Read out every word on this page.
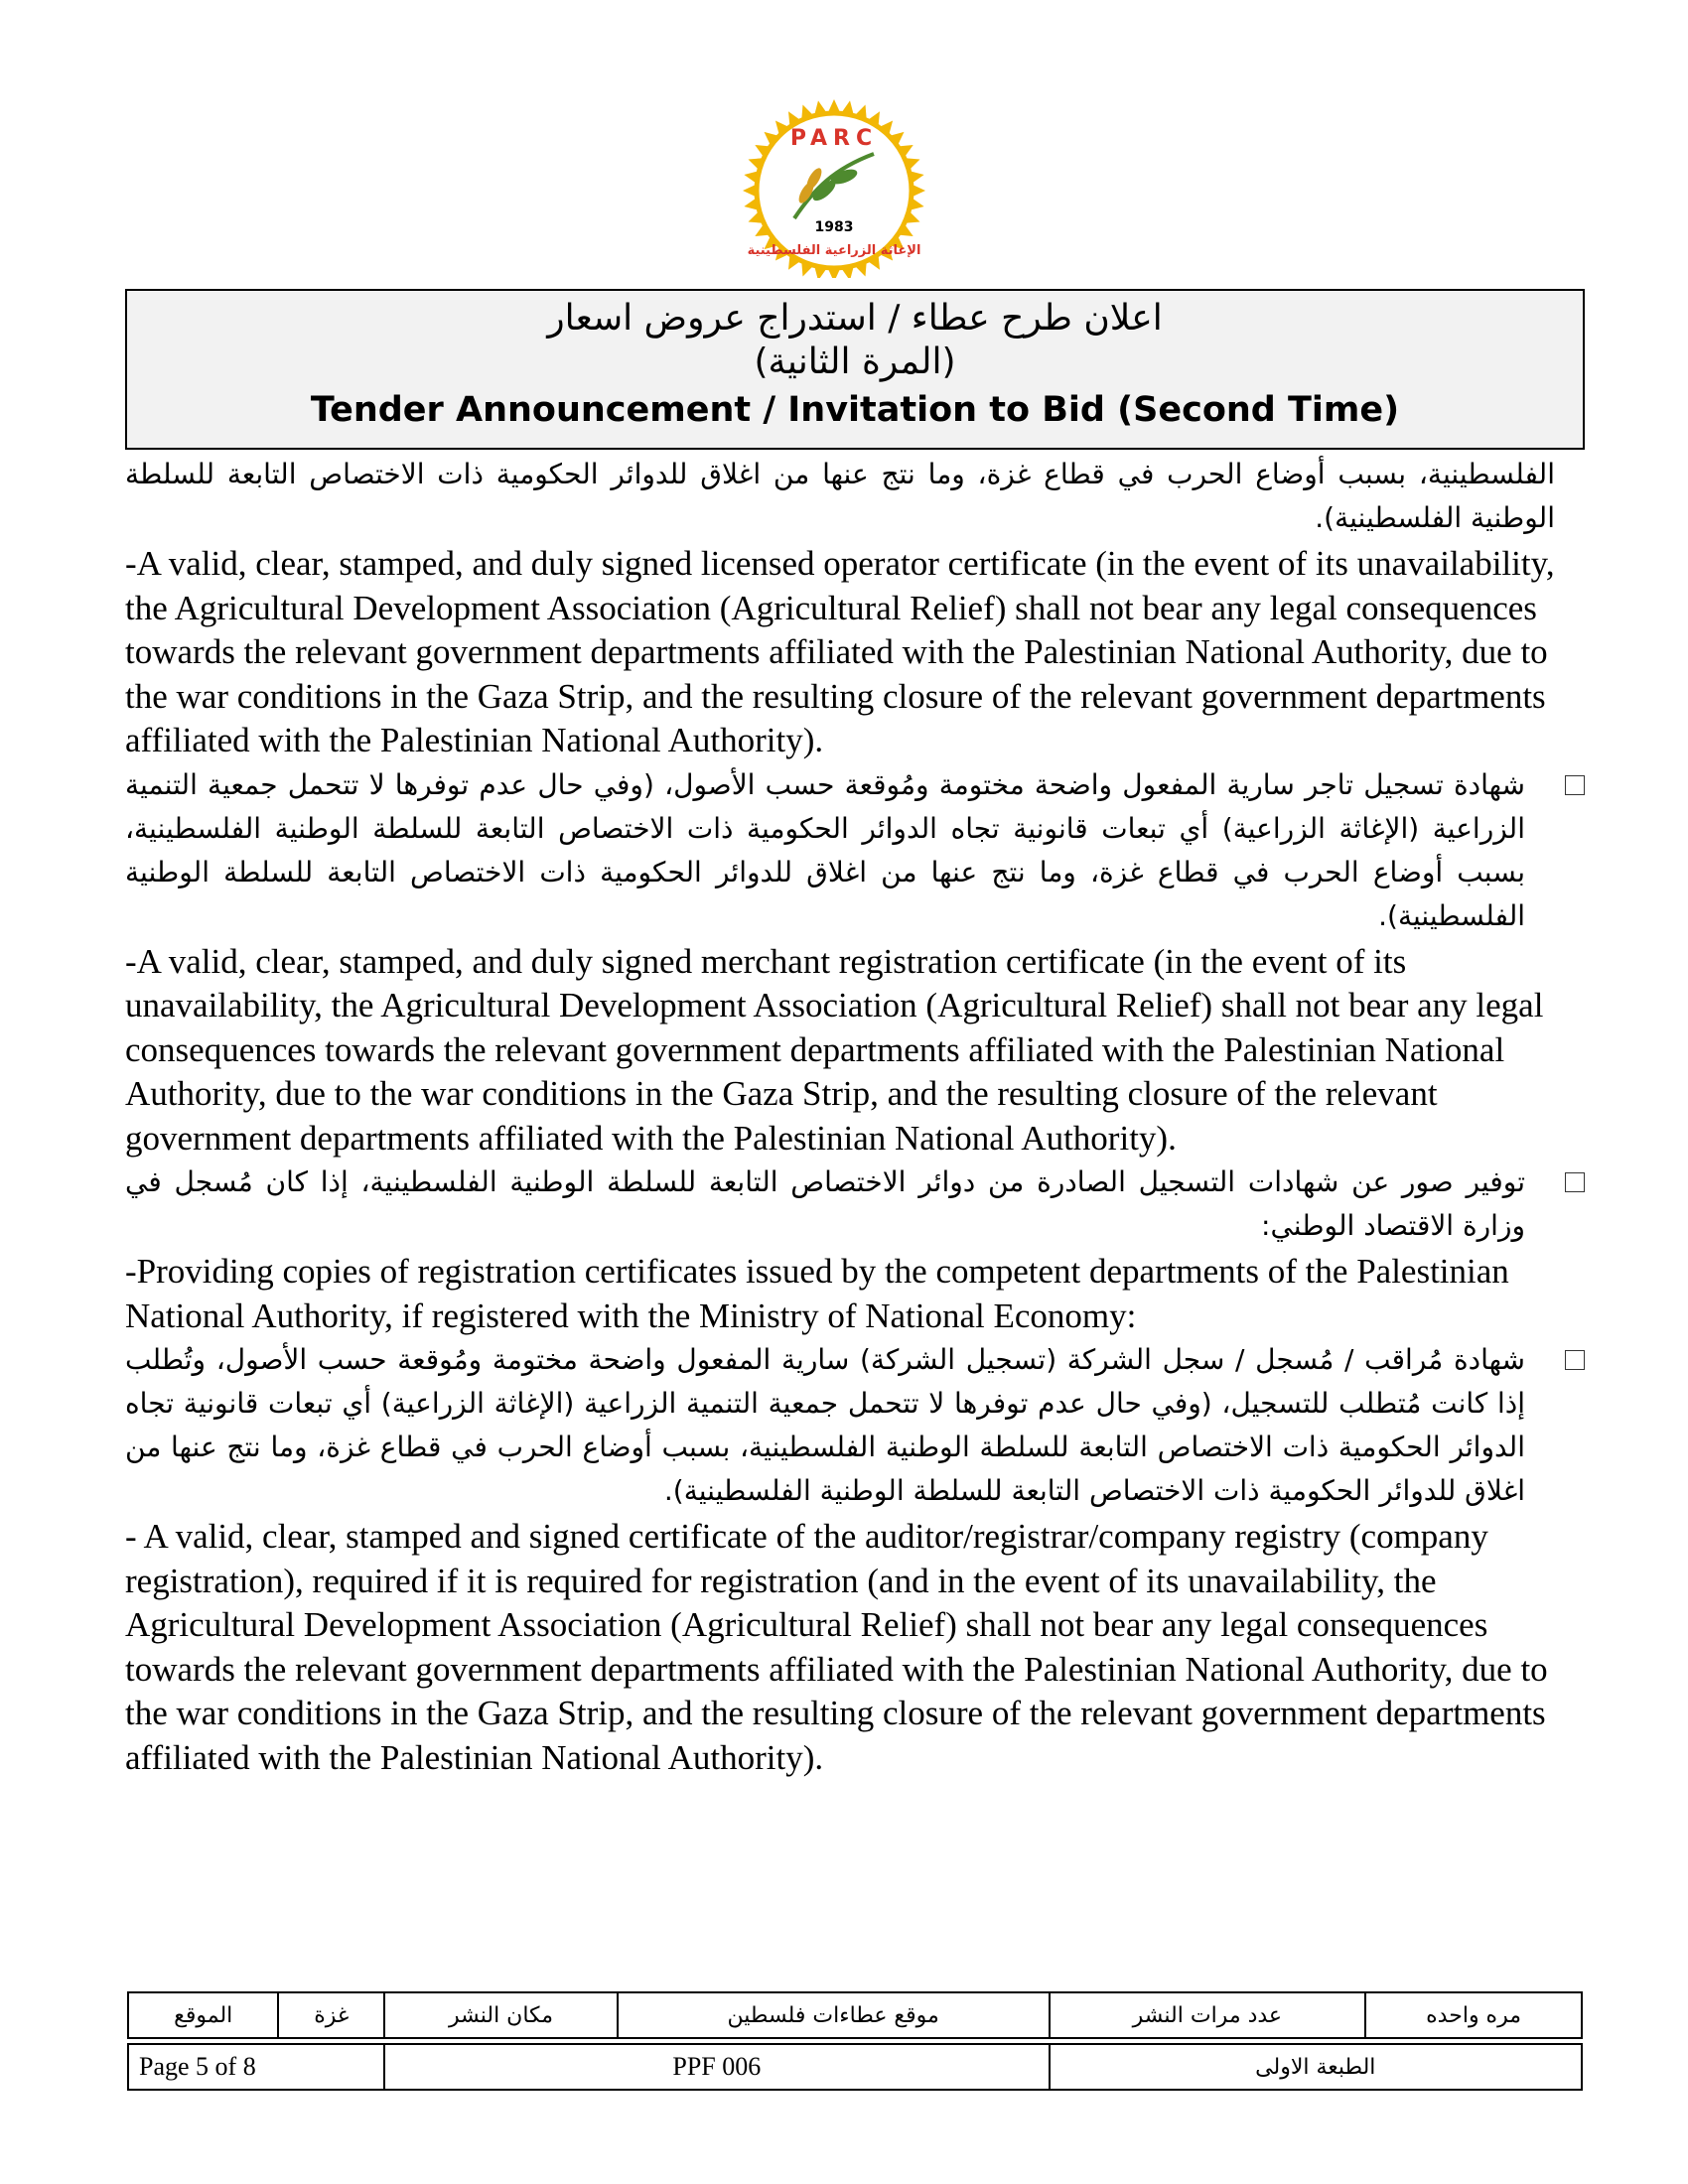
PARC
1983
الإغاثة الزراعية الفلسطينية
اعلان طرح عطاء / استدراج عروض اسعار
(المرة الثانية)
Tender Announcement / Invitation to Bid (Second Time)
الفلسطينية، بسبب أوضاع الحرب في قطاع غزة، وما نتج عنها من اغلاق للدوائر الحكومية ذات الاختصاص التابعة للسلطة الوطنية الفلسطينية).

-A valid, clear, stamped, and duly signed licensed operator certificate (in the event of its unavailability, the Agricultural Development Association (Agricultural Relief) shall not bear any legal consequences towards the relevant government departments affiliated with the Palestinian National Authority, due to the war conditions in the Gaza Strip, and the resulting closure of the relevant government departments affiliated with the Palestinian National Authority).

شهادة تسجيل تاجر سارية المفعول واضحة مختومة ومُوقعة حسب الأصول، (وفي حال عدم توفرها لا تتحمل جمعية التنمية الزراعية (الإغاثة الزراعية) أي تبعات قانونية تجاه الدوائر الحكومية ذات الاختصاص التابعة للسلطة الوطنية الفلسطينية، بسبب أوضاع الحرب في قطاع غزة، وما نتج عنها من اغلاق للدوائر الحكومية ذات الاختصاص التابعة للسلطة الوطنية الفلسطينية).

-A valid, clear, stamped, and duly signed merchant registration certificate (in the event of its unavailability, the Agricultural Development Association (Agricultural Relief) shall not bear any legal consequences towards the relevant government departments affiliated with the Palestinian National Authority, due to the war conditions in the Gaza Strip, and the resulting closure of the relevant government departments affiliated with the Palestinian National Authority).

توفير صور عن شهادات التسجيل الصادرة من دوائر الاختصاص التابعة للسلطة الوطنية الفلسطينية، إذا كان مُسجل في وزارة الاقتصاد الوطني:

-Providing copies of registration certificates issued by the competent departments of the Palestinian National Authority, if registered with the Ministry of National Economy:

شهادة مُراقب / مُسجل / سجل الشركة (تسجيل الشركة) سارية المفعول واضحة مختومة ومُوقعة حسب الأصول، وتُطلب إذا كانت مُتطلب للتسجيل، (وفي حال عدم توفرها لا تتحمل جمعية التنمية الزراعية (الإغاثة الزراعية) أي تبعات قانونية تجاه الدوائر الحكومية ذات الاختصاص التابعة للسلطة الوطنية الفلسطينية، بسبب أوضاع الحرب في قطاع غزة، وما نتج عنها من اغلاق للدوائر الحكومية ذات الاختصاص التابعة للسلطة الوطنية الفلسطينية).

- A valid, clear, stamped and signed certificate of the auditor/registrar/company registry (company registration), required if it is required for registration (and in the event of its unavailability, the Agricultural Development Association (Agricultural Relief) shall not bear any legal consequences towards the relevant government departments affiliated with the Palestinian National Authority, due to the war conditions in the Gaza Strip, and the resulting closure of the relevant government departments affiliated with the Palestinian National Authority).

الموقع	غزة	مكان النشر	موقع عطاءات فلسطين	عدد مرات النشر	مره واحده

Page 5 of 8		PPF 006		الطبعة الاولى	
